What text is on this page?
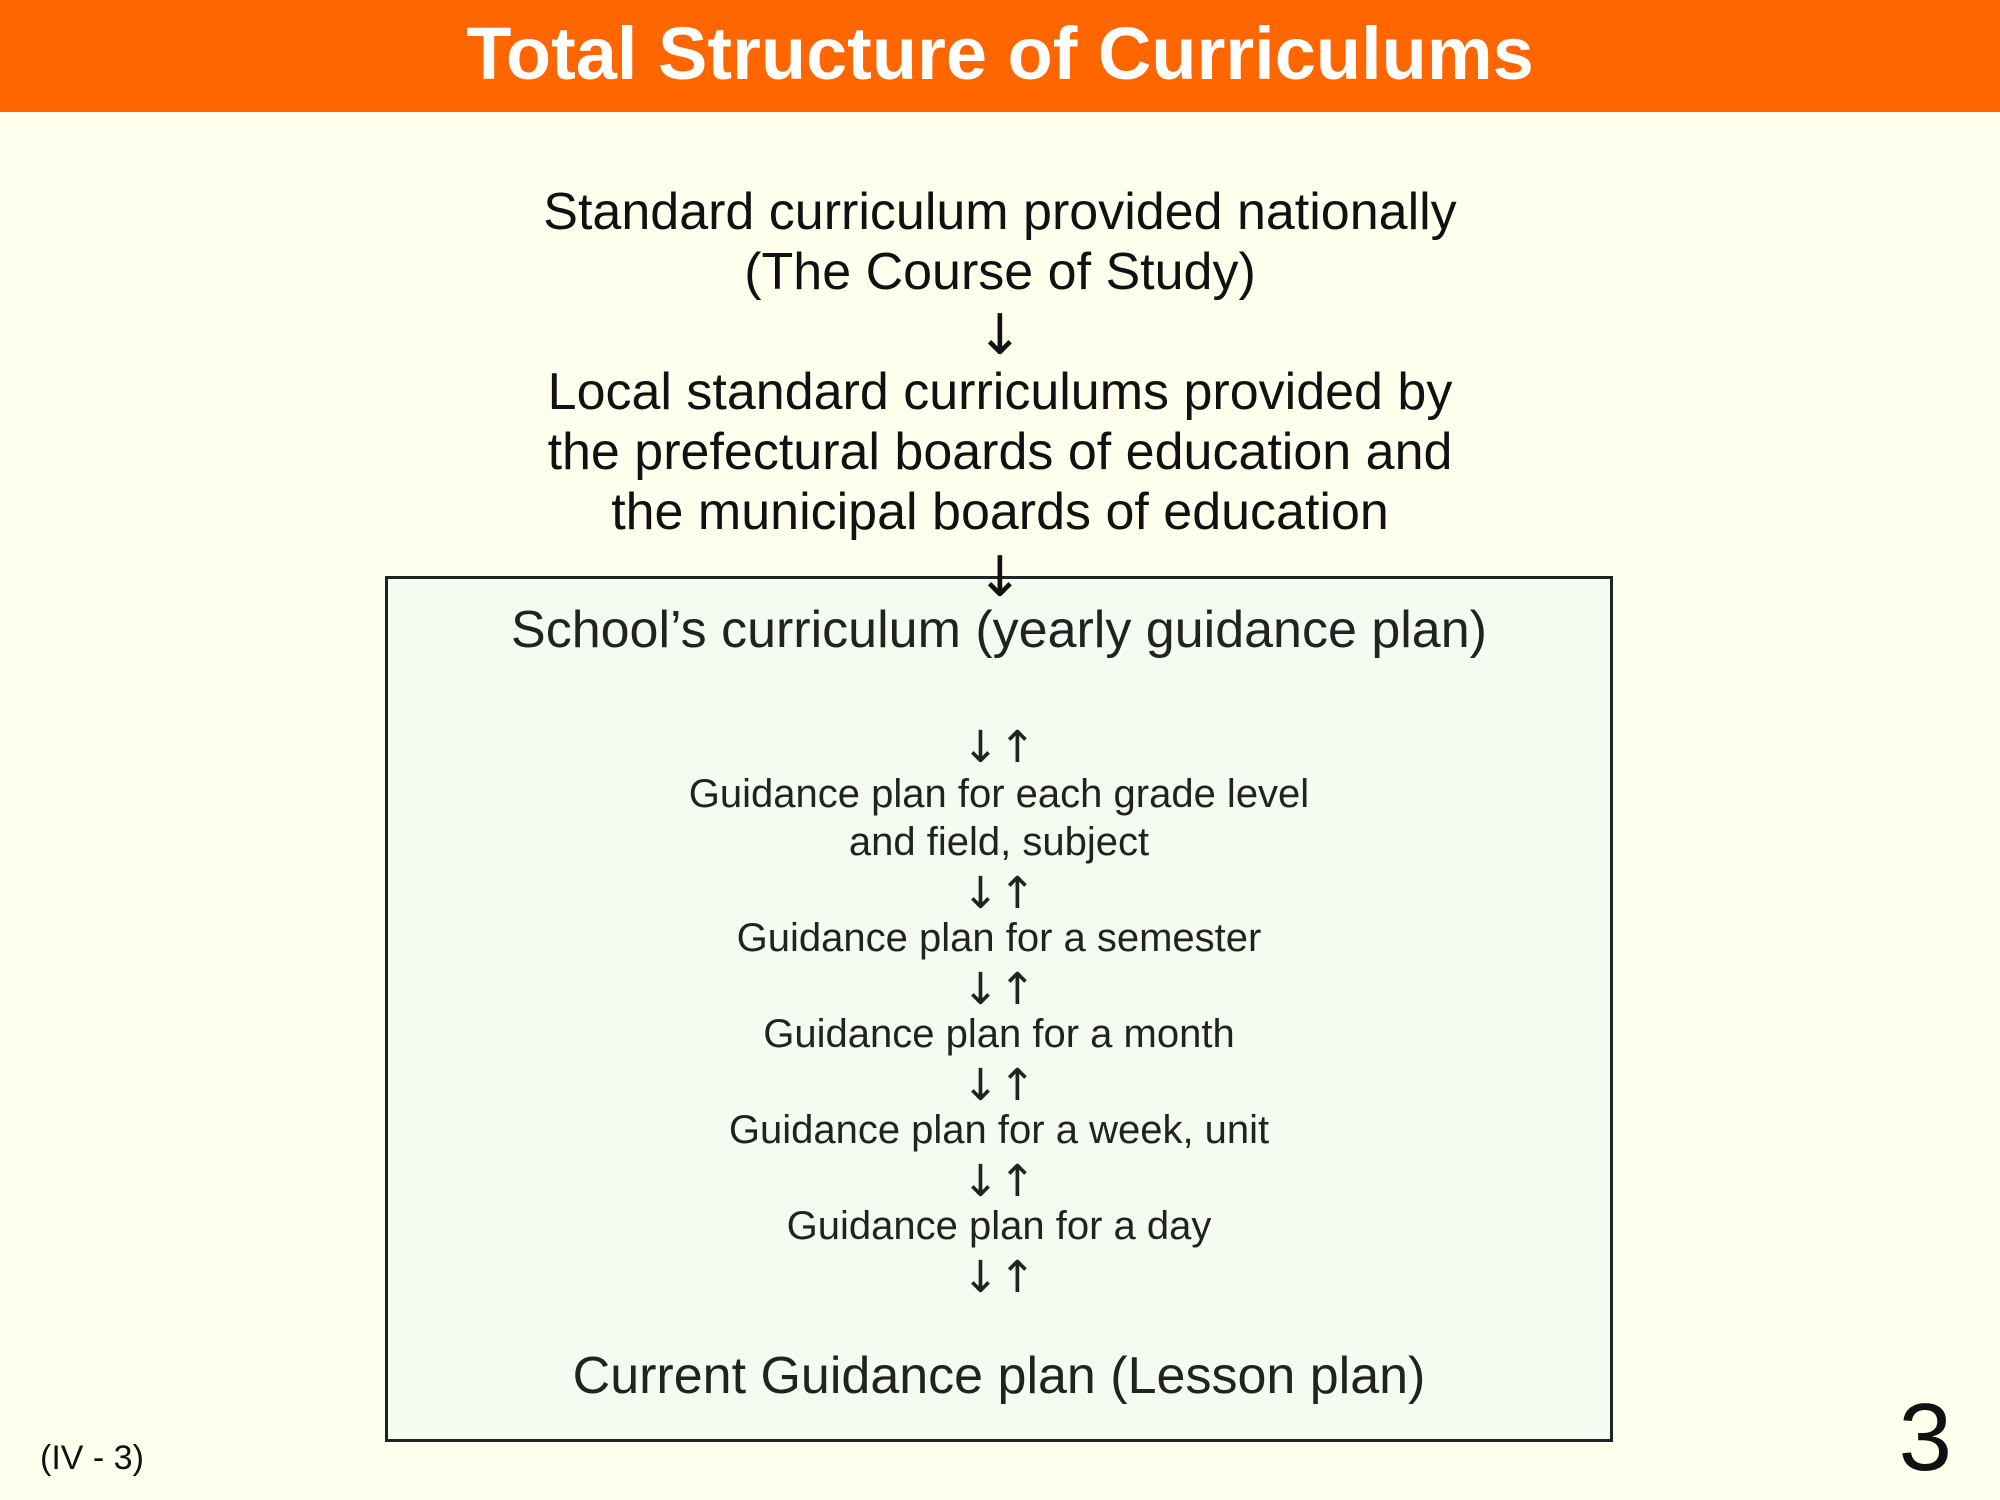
Total Structure of Curriculums
Standard curriculum provided nationally
(The Course of Study)
↓
Local standard curriculums provided by
the prefectural boards of education and
the municipal boards of education
↓
School’s curriculum (yearly guidance plan)
↓↑
Guidance plan for each grade level
and field, subject
↓↑
Guidance plan for a semester
↓↑
Guidance plan for a month
↓↑
Guidance plan for a week, unit
↓↑
Guidance plan for a day
↓↑
Current Guidance plan (Lesson plan)
(IV - 3)	3
